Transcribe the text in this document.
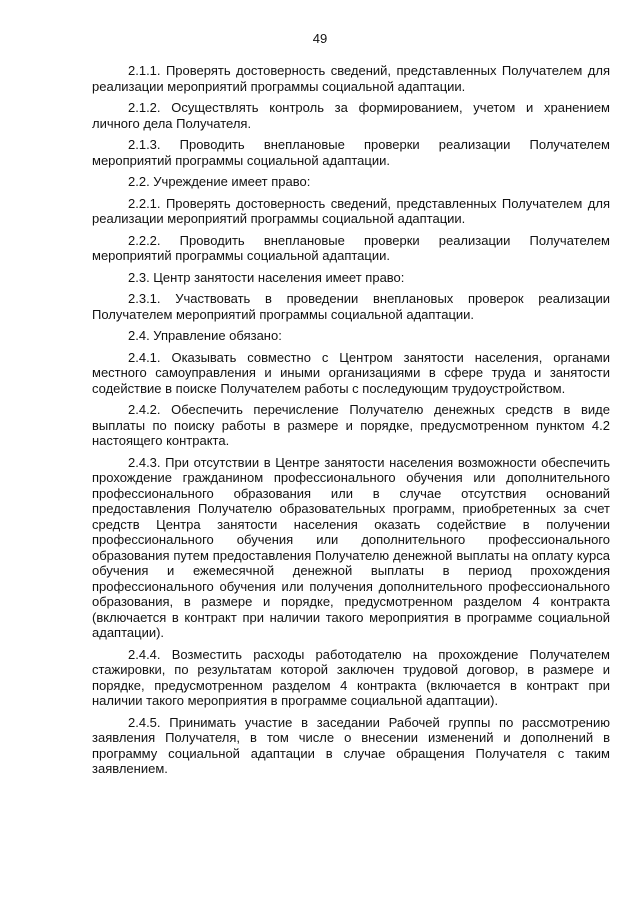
49

2.1.1. Проверять достоверность сведений, представленных Получателем для реализации мероприятий программы социальной адаптации.

2.1.2. Осуществлять контроль за формированием, учетом и хранением личного дела Получателя.

2.1.3. Проводить внеплановые проверки реализации Получателем мероприятий программы социальной адаптации.

2.2. Учреждение имеет право:

2.2.1. Проверять достоверность сведений, представленных Получателем для реализации мероприятий программы социальной адаптации.

2.2.2. Проводить внеплановые проверки реализации Получателем мероприятий программы социальной адаптации.

2.3. Центр занятости населения имеет право:

2.3.1. Участвовать в проведении внеплановых проверок реализации Получателем мероприятий программы социальной адаптации.

2.4. Управление обязано:

2.4.1. Оказывать совместно с Центром занятости населения, органами местного самоуправления и иными организациями в сфере труда и занятости содействие в поиске Получателем работы с последующим трудоустройством.

2.4.2. Обеспечить перечисление Получателю денежных средств в виде выплаты по поиску работы в размере и порядке, предусмотренном пунктом 4.2 настоящего контракта.

2.4.3. При отсутствии в Центре занятости населения возможности обеспечить прохождение гражданином профессионального обучения или дополнительного профессионального образования или в случае отсутствия оснований предоставления Получателю образовательных программ, приобретенных за счет средств Центра занятости населения оказать содействие в получении профессионального обучения или дополнительного профессионального образования путем предоставления Получателю денежной выплаты на оплату курса обучения и ежемесячной денежной выплаты в период прохождения профессионального обучения или получения дополнительного профессионального образования, в размере и порядке, предусмотренном разделом 4 контракта (включается в контракт при наличии такого мероприятия в программе социальной адаптации).

2.4.4. Возместить расходы работодателю на прохождение Получателем стажировки, по результатам которой заключен трудовой договор, в размере и порядке, предусмотренном разделом 4 контракта (включается в контракт при наличии такого мероприятия в программе социальной адаптации).

2.4.5. Принимать участие в заседании Рабочей группы по рассмотрению заявления Получателя, в том числе о внесении изменений и дополнений в программу социальной адаптации в случае обращения Получателя с таким заявлением.
